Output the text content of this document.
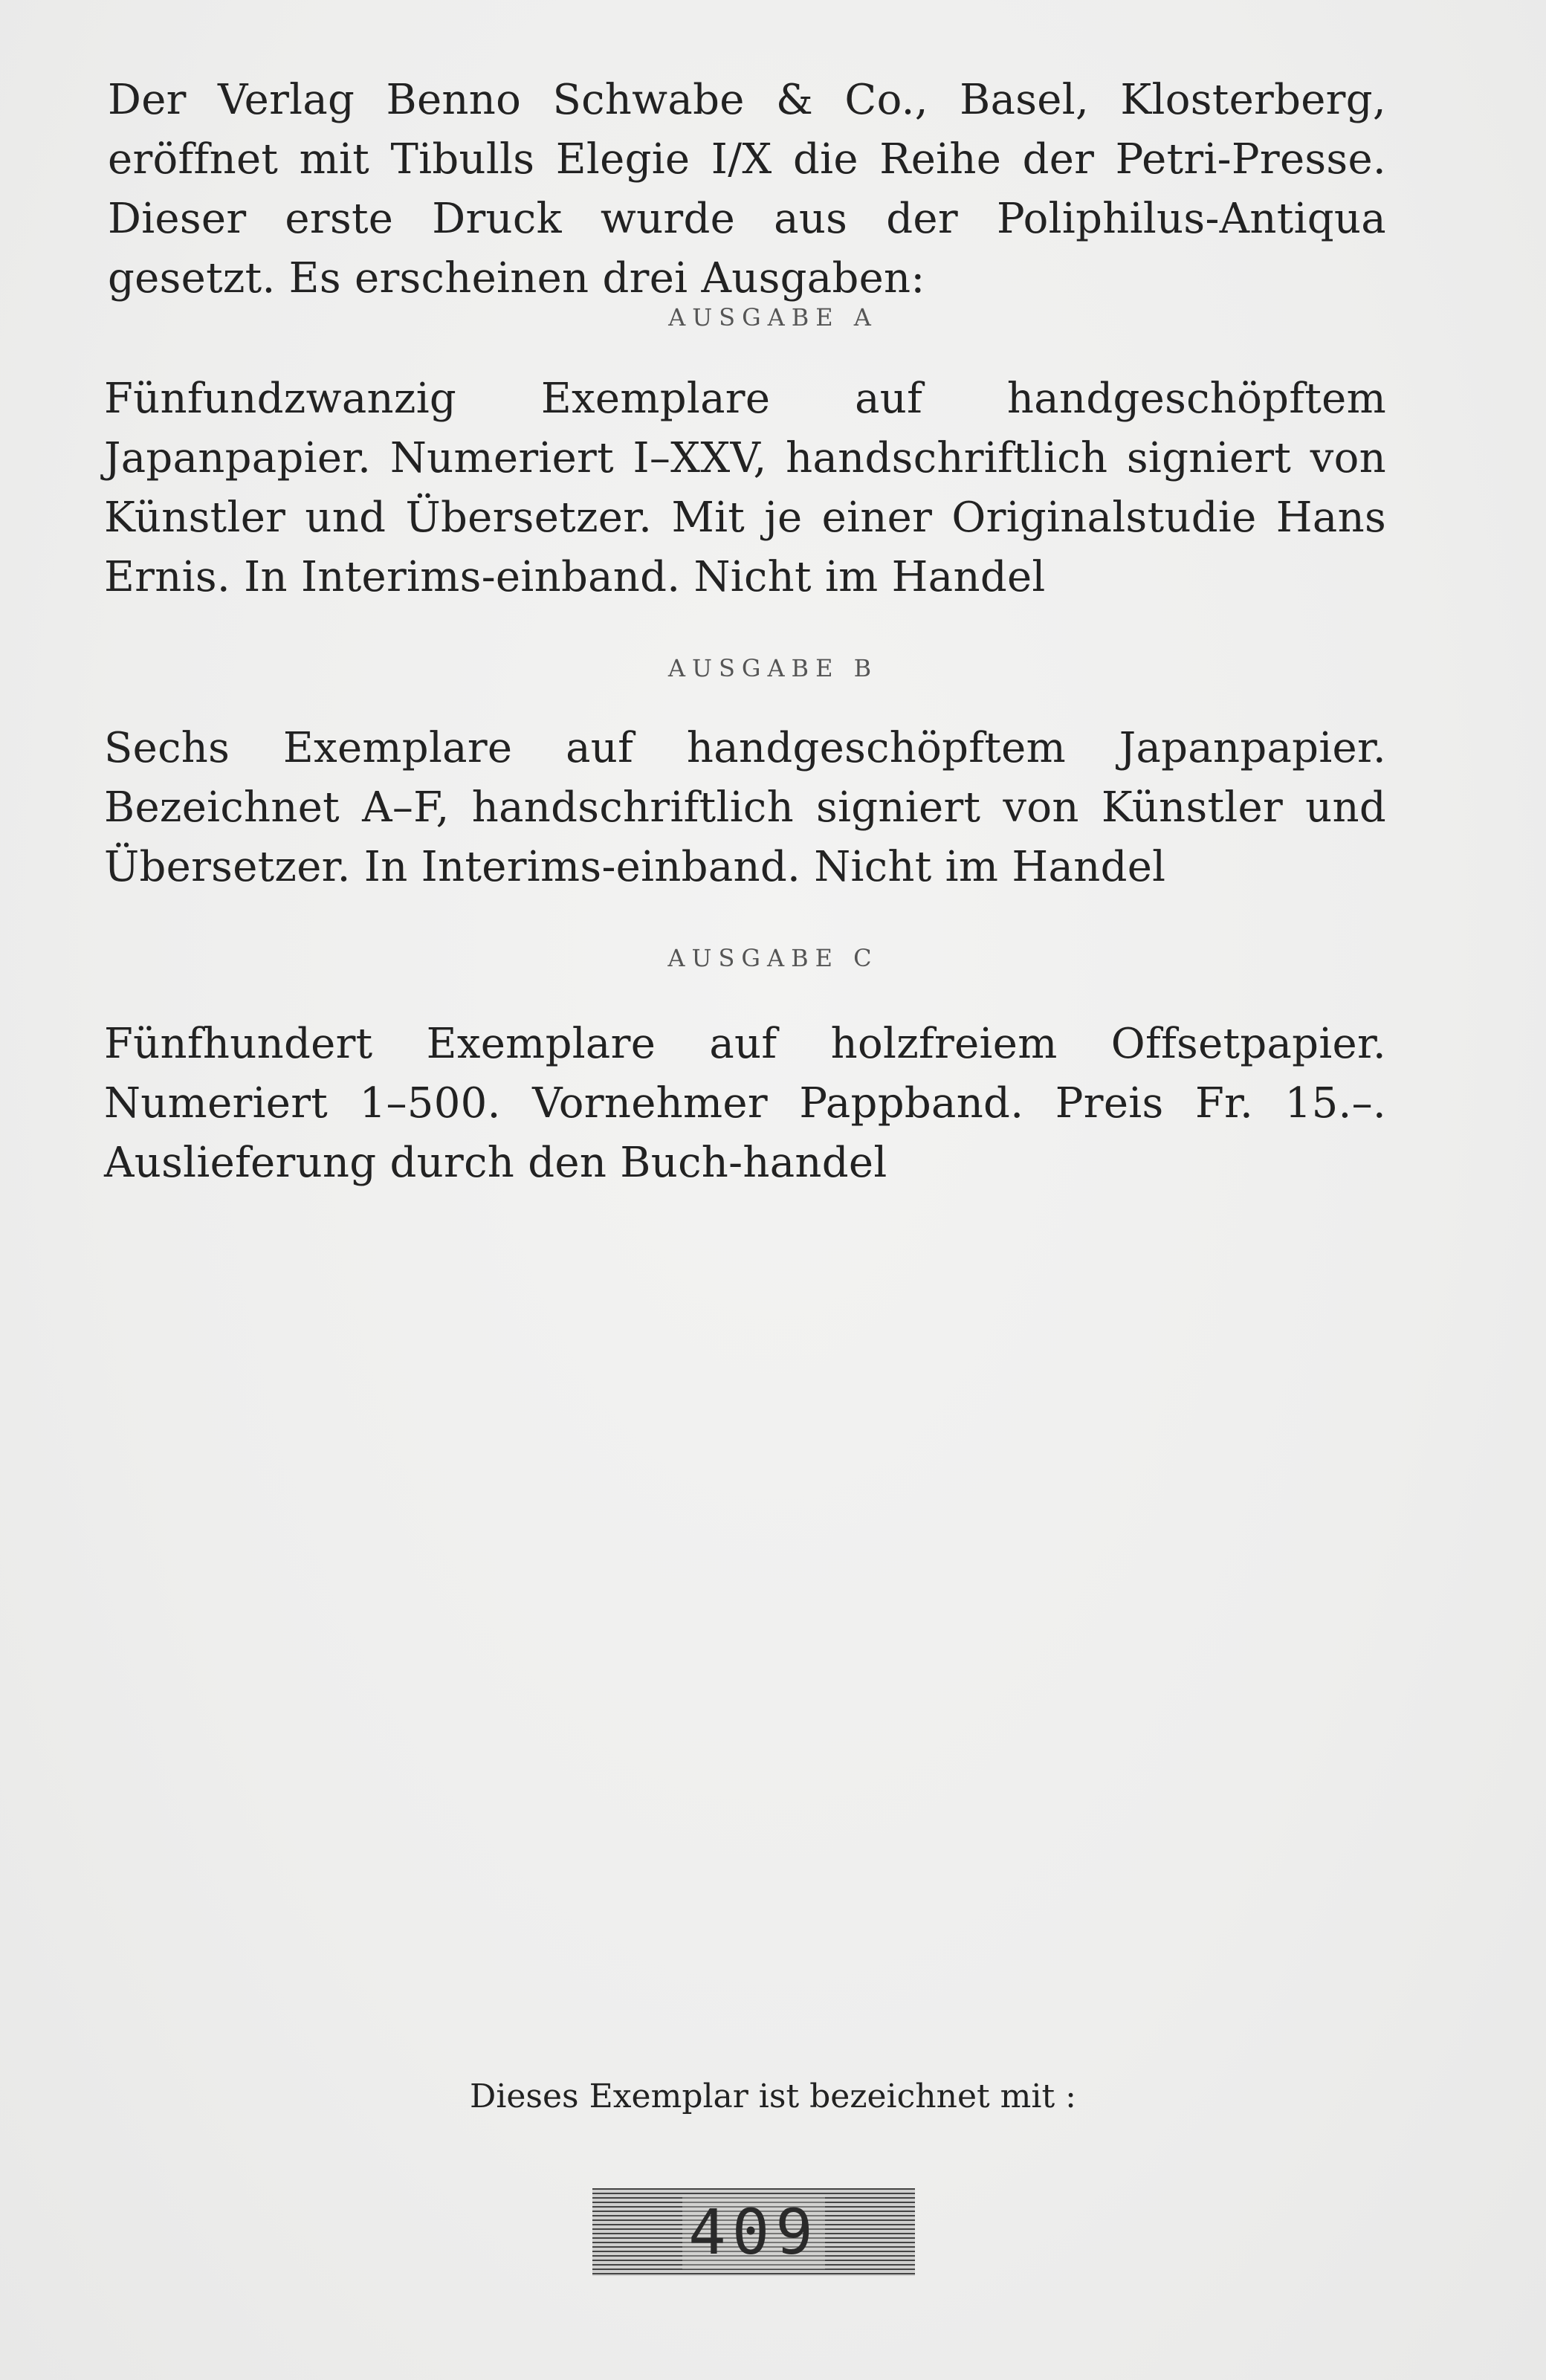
Der Verlag Benno Schwabe & Co., Basel, Klosterberg, eröffnet mit Tibulls Elegie I/X die Reihe der Petri-Presse. Dieser erste Druck wurde aus der Poliphilus-Antiqua gesetzt. Es erscheinen drei Ausgaben:
AUSGABE A
Fünfundzwanzig Exemplare auf handgeschöpftem Japanpapier. Numeriert I–XXV, handschriftlich signiert von Künstler und Übersetzer. Mit je einer Originalstudie Hans Ernis. In Interims-einband. Nicht im Handel
AUSGABE B
Sechs Exemplare auf handgeschöpftem Japanpapier. Bezeichnet A–F, handschriftlich signiert von Künstler und Übersetzer. In Interims-einband. Nicht im Handel
AUSGABE C
Fünfhundert Exemplare auf holzfreiem Offsetpapier. Numeriert 1–500. Vornehmer Pappband. Preis Fr. 15.–. Auslieferung durch den Buch-handel
Dieses Exemplar ist bezeichnet mit :
409
